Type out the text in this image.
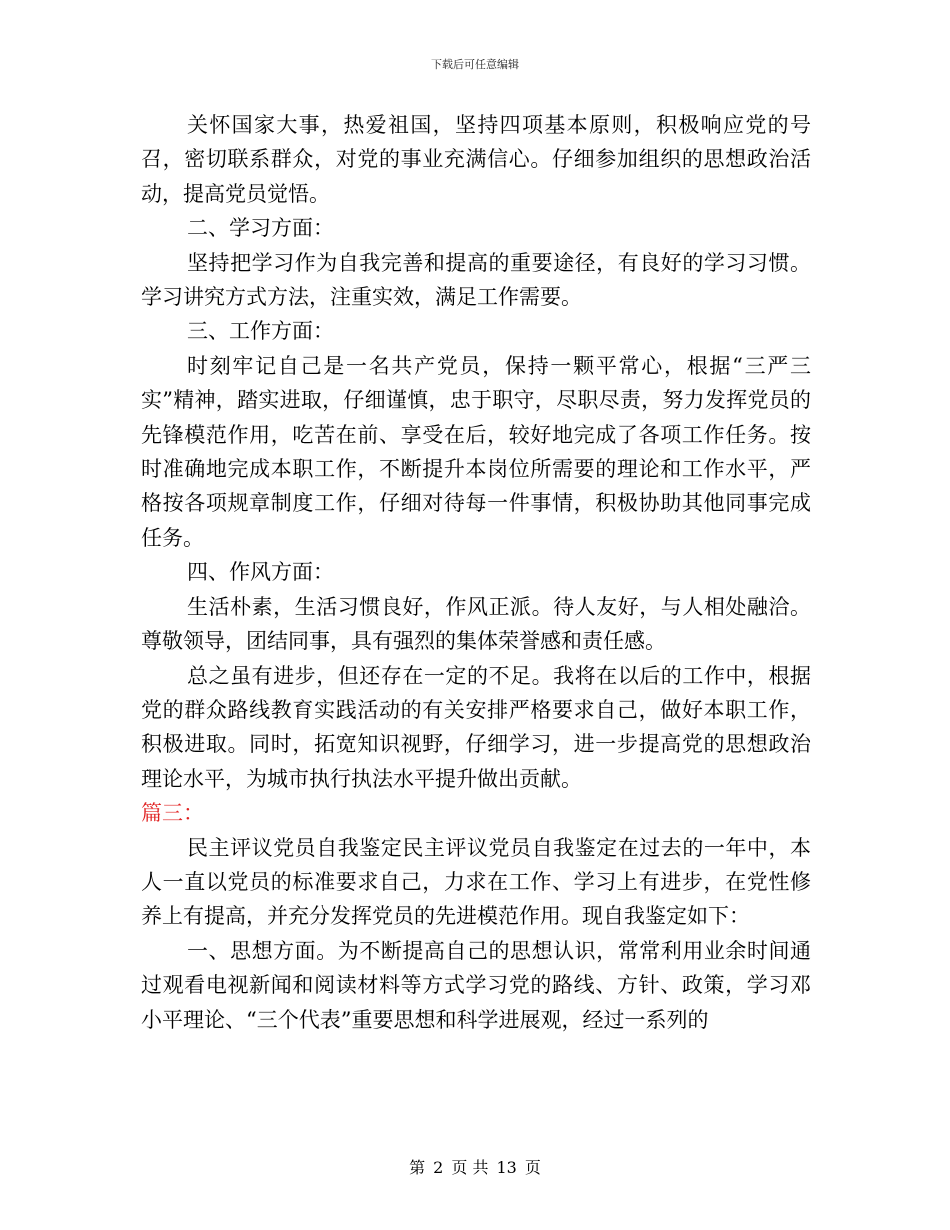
下载后可任意编辑

关怀国家大事，热爱祖国，坚持四项基本原则，积极响应党的号召，密切联系群众，对党的事业充满信心。仔细参加组织的思想政治活动，提高党员觉悟。

二、学习方面：

坚持把学习作为自我完善和提高的重要途径，有良好的学习习惯。学习讲究方式方法，注重实效，满足工作需要。

三、工作方面：

时刻牢记自己是一名共产党员，保持一颗平常心，根据“三严三实”精神，踏实进取，仔细谨慎，忠于职守，尽职尽责，努力发挥党员的先锋模范作用，吃苦在前、享受在后，较好地完成了各项工作任务。按时准确地完成本职工作，不断提升本岗位所需要的理论和工作水平，严格按各项规章制度工作，仔细对待每一件事情，积极协助其他同事完成任务。

四、作风方面：

生活朴素，生活习惯良好，作风正派。待人友好，与人相处融洽。尊敬领导，团结同事，具有强烈的集体荣誉感和责任感。

总之虽有进步，但还存在一定的不足。我将在以后的工作中，根据党的群众路线教育实践活动的有关安排严格要求自己，做好本职工作，积极进取。同时，拓宽知识视野，仔细学习，进一步提高党的思想政治理论水平，为城市执行执法水平提升做出贡献。

篇三：

民主评议党员自我鉴定民主评议党员自我鉴定在过去的一年中，本人一直以党员的标准要求自己，力求在工作、学习上有进步，在党性修养上有提高，并充分发挥党员的先进模范作用。现自我鉴定如下：

一、思想方面。为不断提高自己的思想认识，常常利用业余时间通过观看电视新闻和阅读材料等方式学习党的路线、方针、政策，学习邓小平理论、“三个代表”重要思想和科学进展观，经过一系列的

第 2 页 共 13 页
